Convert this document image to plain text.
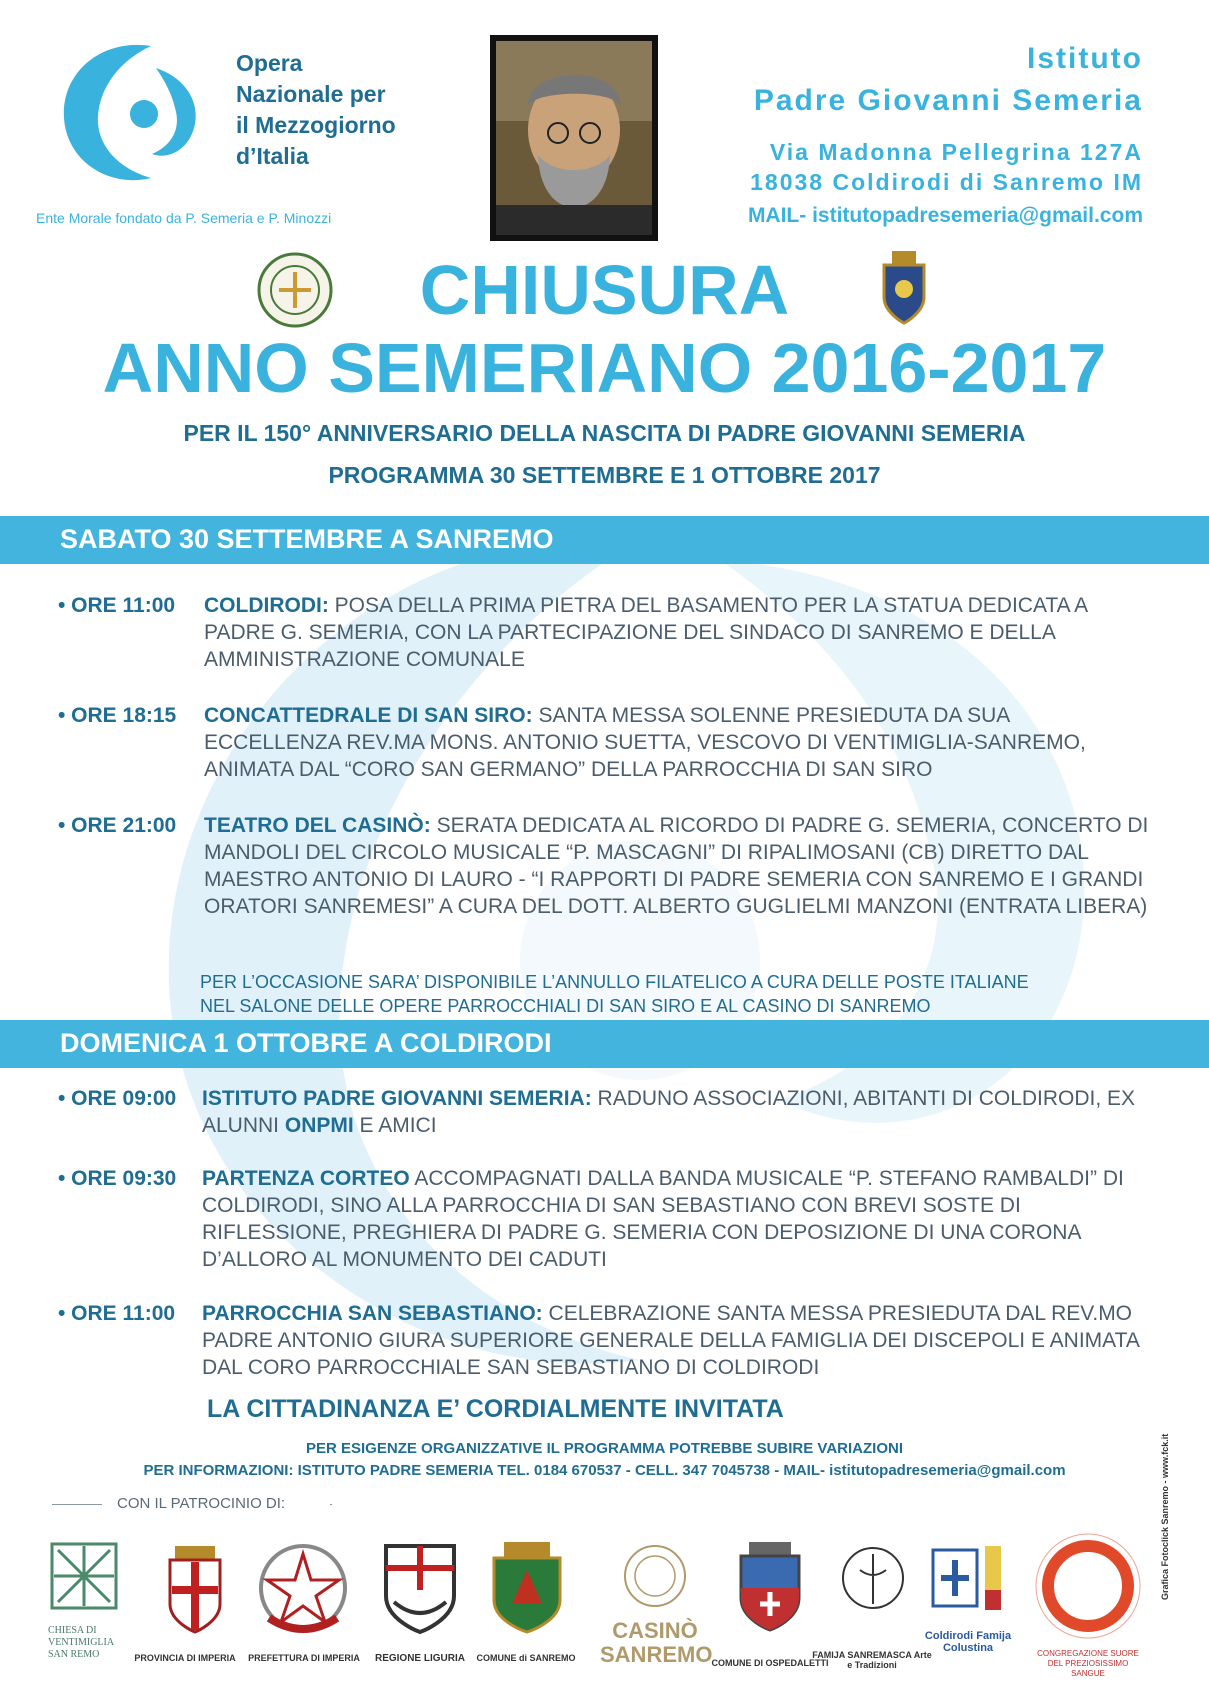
Opera
Nazionale per
il Mezzogiorno
d’Italia
Ente Morale fondato da P. Semeria e P. Minozzi
Istituto
Padre Giovanni Semeria
Via Madonna Pellegrina 127A
18038 Coldirodi di Sanremo IM
MAIL- istitutopadresemeria@gmail.com
CHIUSURA
ANNO SEMERIANO 2016-2017
PER IL 150° ANNIVERSARIO DELLA NASCITA DI PADRE GIOVANNI SEMERIA
PROGRAMMA 30 SETTEMBRE E 1 OTTOBRE 2017
SABATO 30 SETTEMBRE A SANREMO
• ORE 11:00 COLDIRODI: POSA DELLA PRIMA PIETRA DEL BASAMENTO PER LA STATUA DEDICATA A PADRE G. SEMERIA, CON LA PARTECIPAZIONE DEL SINDACO DI SANREMO E DELLA AMMINISTRAZIONE COMUNALE
• ORE 18:15 CONCATTEDRALE DI SAN SIRO: SANTA MESSA SOLENNE PRESIEDUTA DA SUA ECCELLENZA REV.MA MONS. ANTONIO SUETTA, VESCOVO DI VENTIMIGLIA-SANREMO, ANIMATA DAL “CORO SAN GERMANO” DELLA PARROCCHIA DI SAN SIRO
• ORE 21:00 TEATRO DEL CASINÒ: SERATA DEDICATA AL RICORDO DI PADRE G. SEMERIA, CONCERTO DI MANDOLI DEL CIRCOLO MUSICALE “P. MASCAGNI” DI RIPALIMOSANI (CB) DIRETTO DAL MAESTRO ANTONIO DI LAURO - “I RAPPORTI DI PADRE SEMERIA CON SANREMO E I GRANDI ORATORI SANREMESI” A CURA DEL DOTT. ALBERTO GUGLIELMI MANZONI (ENTRATA LIBERA)
PER L’OCCASIONE SARA’ DISPONIBILE L’ANNULLO FILATELICO A CURA DELLE POSTE ITALIANE
NEL SALONE DELLE OPERE PARROCCHIALI DI SAN SIRO E AL CASINO DI SANREMO
DOMENICA 1 OTTOBRE A COLDIRODI
• ORE 09:00 ISTITUTO PADRE GIOVANNI SEMERIA: RADUNO ASSOCIAZIONI, ABITANTI DI COLDIRODI, EX ALUNNI ONPMI E AMICI
• ORE 09:30 PARTENZA CORTEO ACCOMPAGNATI DALLA BANDA MUSICALE “P. STEFANO RAMBALDI” DI COLDIRODI, SINO ALLA PARROCCHIA DI SAN SEBASTIANO CON BREVI SOSTE DI RIFLESSIONE, PREGHIERA DI PADRE G. SEMERIA CON DEPOSIZIONE DI UNA CORONA D’ALLORO AL MONUMENTO DEI CADUTI
• ORE 11:00 PARROCCHIA SAN SEBASTIANO: CELEBRAZIONE SANTA MESSA PRESIEDUTA DAL REV.MO PADRE ANTONIO GIURA SUPERIORE GENERALE DELLA FAMIGLIA DEI DISCEPOLI E ANIMATA DAL CORO PARROCCHIALE SAN SEBASTIANO DI COLDIRODI
LA CITTADINANZA E’ CORDIALMENTE INVITATA
PER ESIGENZE ORGANIZZATIVE IL PROGRAMMA POTREBBE SUBIRE VARIAZIONI
PER INFORMAZIONI: ISTITUTO PADRE SEMERIA TEL. 0184 670537 - CELL. 347 7045738 - MAIL- istitutopadresemeria@gmail.com
CON IL PATROCINIO DI:
CHIESA DI VENTIMIGLIA SAN REMO	PROVINCIA DI IMPERIA	PREFETTURA DI IMPERIA	REGIONE LIGURIA	COMUNE di SANREMO
CASINÒ SANREMO COMUNE DI OSPEDALETTI
FAMIJA SANREMASCA Arte e Tradizioni
Coldirodi Famija Colustina	CONGREGAZIONE SUORE DEL PREZIOSISSIMO SANGUE
Grafica Fotoclick Sanremo - www.fck.it
